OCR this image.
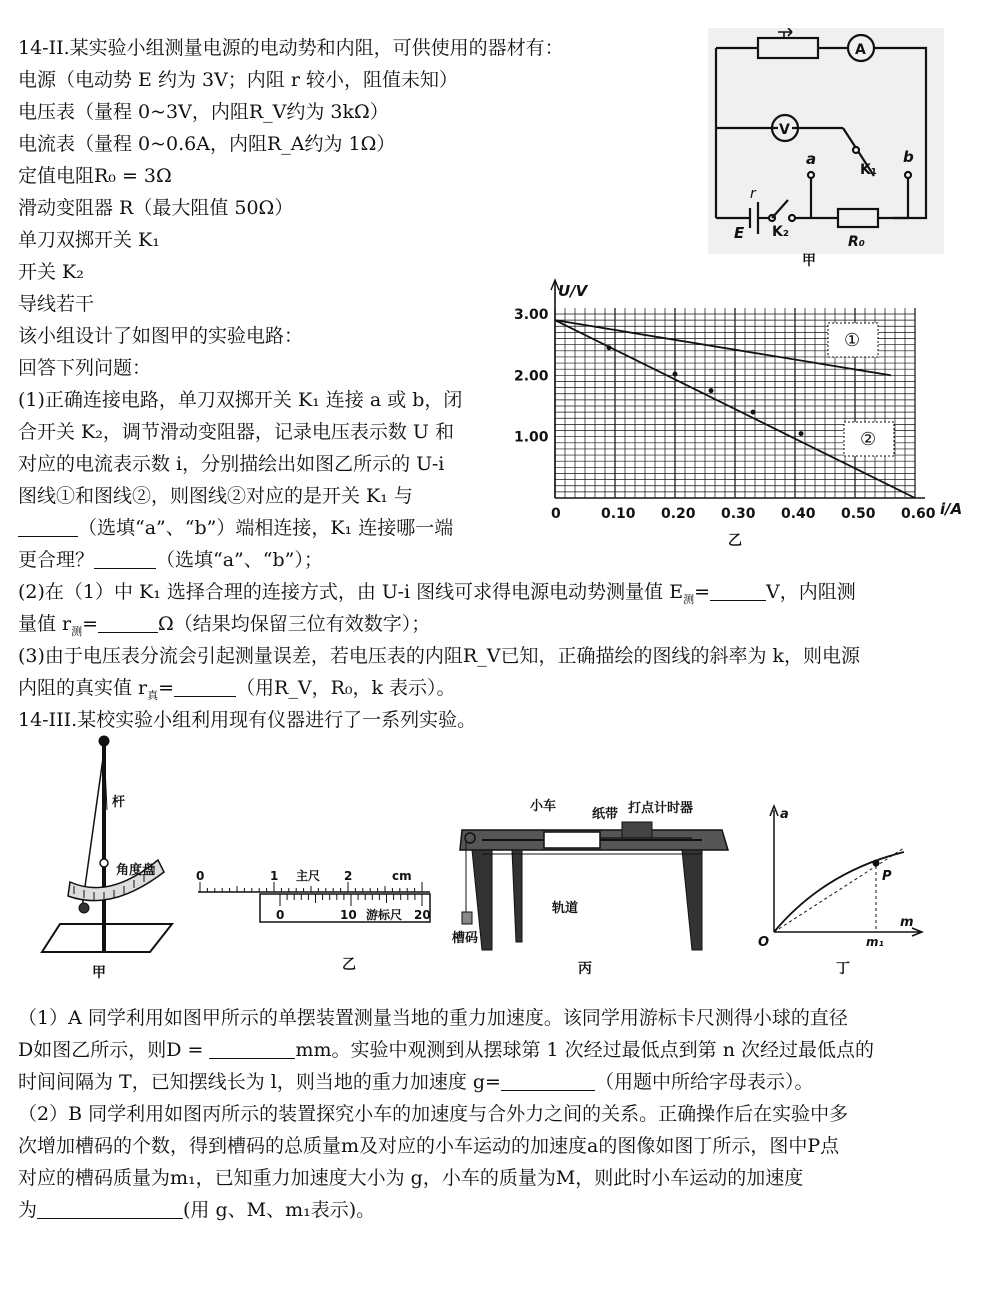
14-II.某实验小组测量电源的电动势和内阻，可供使用的器材有：
电源（电动势 E 约为 3V；内阻 r 较小，阻值未知）
电压表（量程 0~3V，内阻R_V约为 3kΩ）
电流表（量程 0~0.6A，内阻R_A约为 1Ω）
定值电阻R₀ = 3Ω
滑动变阻器 R（最大阻值 50Ω）
单刀双掷开关 K₁
开关 K₂
导线若干
该小组设计了如图甲的实验电路：
回答下列问题：
(1)正确连接电路，单刀双掷开关 K₁ 连接 a 或 b，闭
合开关 K₂，调节滑动变阻器，记录电压表示数 U 和
对应的电流表示数 i，分别描绘出如图乙所示的 U-i
图线①和图线②，则图线②对应的是开关 K₁ 与
（选填“a”、“b”）端相连接，K₁ 连接哪一端
更合理？	（选填“a”、“b”）；
(2)在（1）中 K₁ 选择合理的连接方式，由 U-i 图线可求得电源电动势测量值 $E_测=$	V，内阻测
量值 $r_测=$	Ω（结果均保留三位有效数字）；
(3)由于电压表分流会引起测量误差，若电压表的内阻R_V已知，正确描绘的图线的斜率为 k，则电源
内阻的真实值 $r_真=$	（用R_V，R₀，k 表示）。
14-III.某校实验小组利用现有仪器进行了一系列实验。
A
V
K₁
K₂
E
r
R₀
a	b
甲
0	0.10 0.20 0.30 0.40 0.50 0.60
3.00
2.00
1.00
U/V
i/A
①
②
乙
杆
角度盘
甲
0	1	2
主尺	cm
0	10 游标尺 20
乙
小车
纸带 打点计时器
轨道
槽码
丙
a
m
O
P
m₁
丁
（1）A 同学利用如图甲所示的单摆装置测量当地的重力加速度。该同学用游标卡尺测得小球的直径
D如图乙所示，则D =	mm。实验中观测到从摆球第 1 次经过最低点到第 n 次经过最低点的
时间间隔为 T，已知摆线长为 l，则当地的重力加速度 g=	（用题中所给字母表示）。
（2）B 同学利用如图丙所示的装置探究小车的加速度与合外力之间的关系。正确操作后在实验中多
次增加槽码的个数，得到槽码的总质量m及对应的小车运动的加速度a的图像如图丁所示，图中P点
对应的槽码质量为m₁，已知重力加速度大小为 g，小车的质量为M，则此时小车运动的加速度
为	(用 g、M、m₁表示)。
